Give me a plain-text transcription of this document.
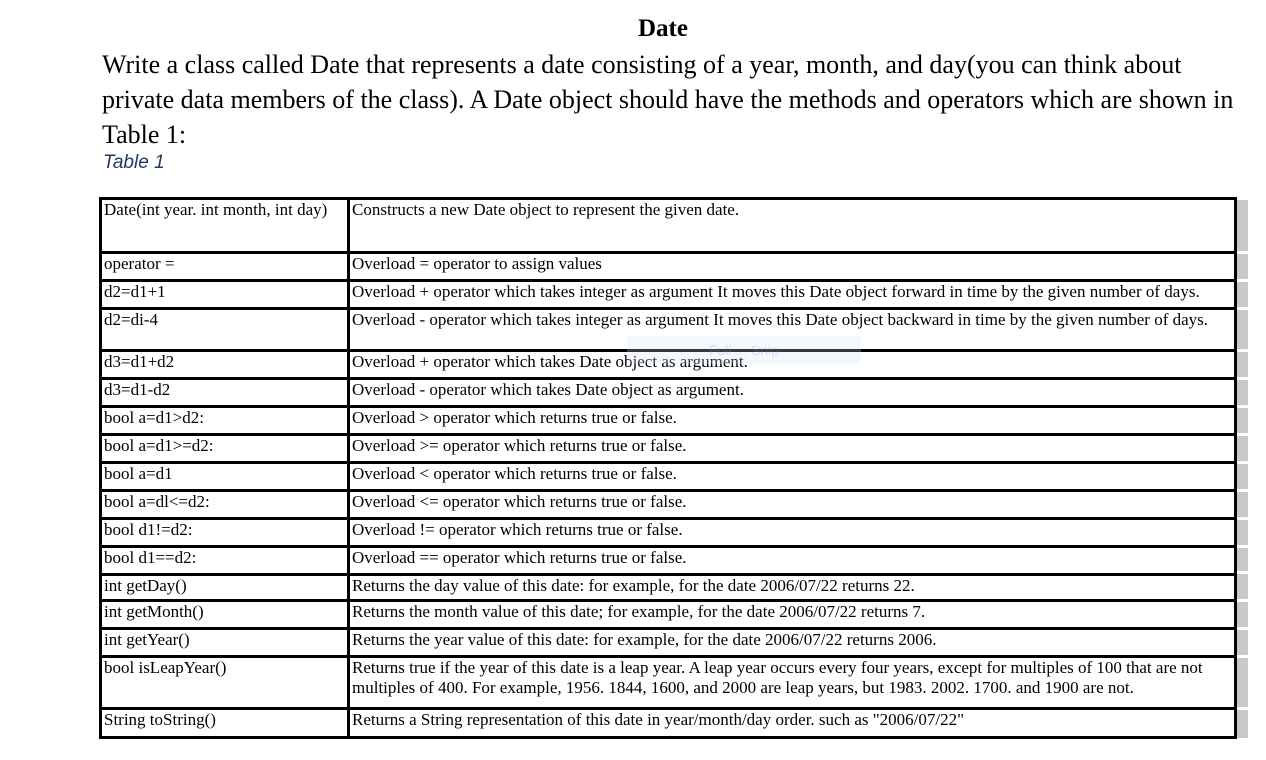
Date

Write a class called Date that represents a date consisting of a year, month, and day(you can think about private data members of the class). A Date object should have the methods and operators which are shown in Table 1:

Table 1
Date(int year. int month, int day)	Constructs a new Date object to represent the given date.
operator =	Overload = operator to assign values
d2=d1+1	Overload + operator which takes integer as argument It moves this Date object forward in time by the given number of days.
d2=di-4	Overload - operator which takes integer as argument It moves this Date object backward in time by the given number of days.
d3=d1+d2	Overload + operator which takes Date object as argument.
d3=d1-d2	Overload - operator which takes Date object as argument.
bool a=d1>d2:	Overload > operator which returns true or false.
bool a=d1>=d2:	Overload >= operator which returns true or false.
bool a=d1	Overload < operator which returns true or false.
bool a=dl<=d2:	Overload <= operator which returns true or false.
bool d1!=d2:	Overload != operator which returns true or false.
bool d1==d2:	Overload == operator which returns true or false.
int getDay()	Returns the day value of this date: for example, for the date 2006/07/22 returns 22.
int getMonth()	Returns the month value of this date; for example, for the date 2006/07/22 returns 7.
int getYear()	Returns the year value of this date: for example, for the date 2006/07/22 returns 2006.
bool isLeapYear()	Returns true if the year of this date is a leap year. A leap year occurs every four years, except for multiples of 100 that are not multiples of 400. For example, 1956. 1844, 1600, and 2000 are leap years, but 1983. 2002. 1700. and 1900 are not.
String toString()	Returns a String representation of this date in year/month/day order. such as "2006/07/22"
Full ... Snip
